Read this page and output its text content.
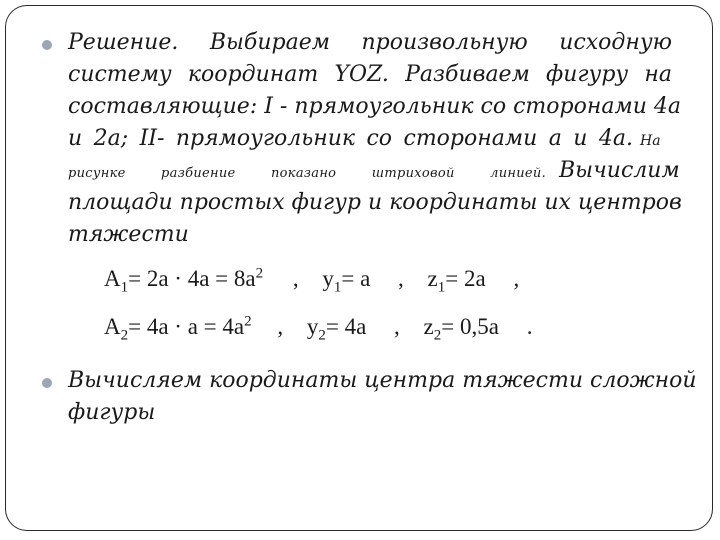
Решение. Выбираем произвольную исходную
систему координат YOZ. Разбиваем фигуру на
составляющие: I - прямоугольник со сторонами 4а
и 2а; II- прямоугольник со сторонами а и 4а. На
рисунке разбиение показано штриховой линией. Вычислим
площади простых фигур и координаты их центров
тяжести
$A_1= 2a \cdot 4a = 8a^2$ , $y_1= a$ , $z_1= 2a$ ,
$A_2= 4a \cdot a = 4a^2$ , $y_2= 4a$ , $z_2= 0,5a$ .
Вычисляем координаты центра тяжести сложной
фигуры
